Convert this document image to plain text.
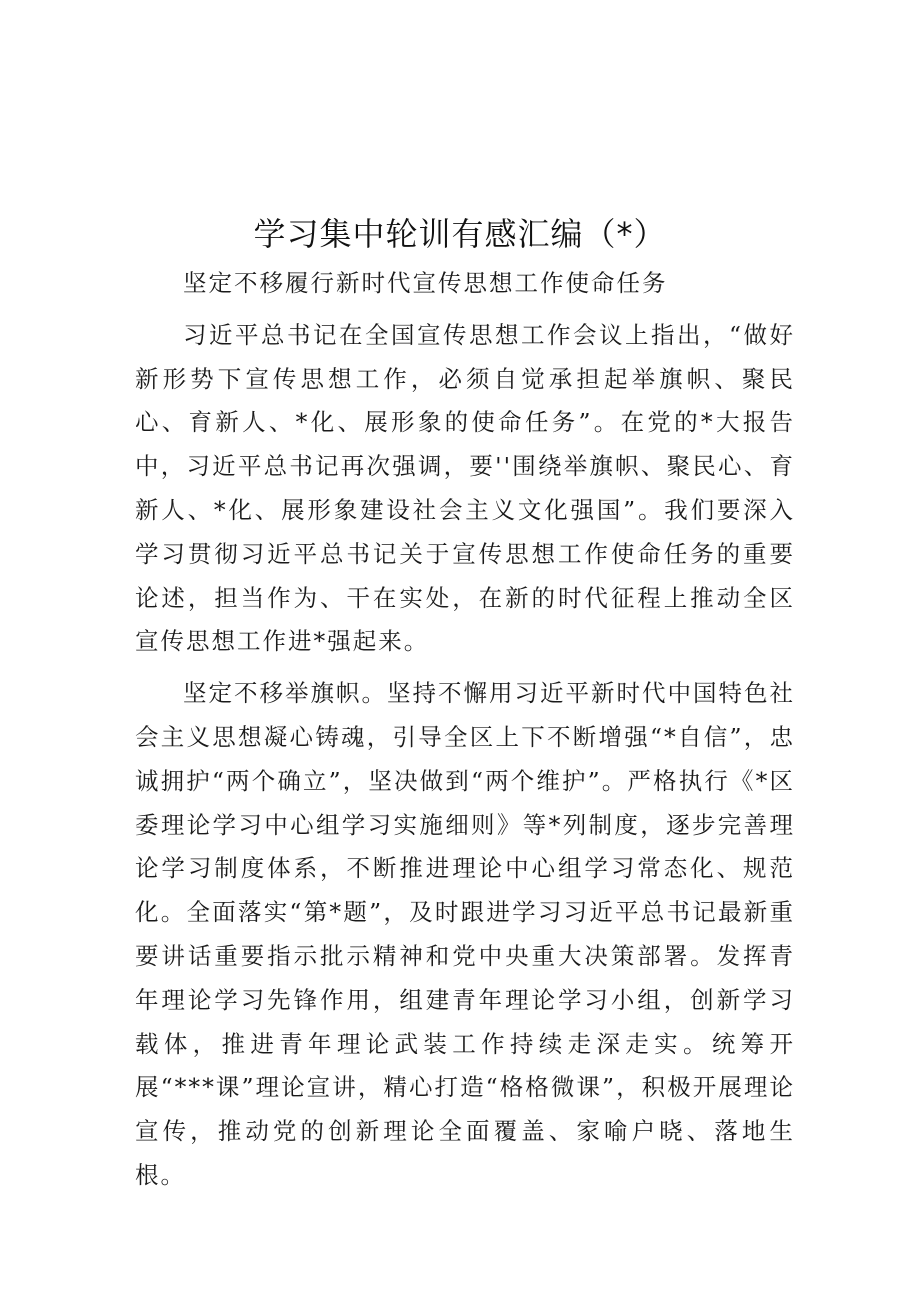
学习集中轮训有感汇编（*）

坚定不移履行新时代宣传思想工作使命任务

习近平总书记在全国宣传思想工作会议上指出，“做好新形势下宣传思想工作，必须自觉承担起举旗帜、聚民心、育新人、*化、展形象的使命任务”。在党的*大报告中，习近平总书记再次强调，要''围绕举旗帜、聚民心、育新人、*化、展形象建设社会主义文化强国”。我们要深入学习贯彻习近平总书记关于宣传思想工作使命任务的重要论述，担当作为、干在实处，在新的时代征程上推动全区宣传思想工作进*强起来。

坚定不移举旗帜。坚持不懈用习近平新时代中国特色社会主义思想凝心铸魂，引导全区上下不断增强“*自信”，忠诚拥护“两个确立”，坚决做到“两个维护”。严格执行《*区委理论学习中心组学习实施细则》等*列制度，逐步完善理论学习制度体系，不断推进理论中心组学习常态化、规范化。全面落实“第*题”，及时跟进学习习近平总书记最新重要讲话重要指示批示精神和党中央重大决策部署。发挥青年理论学习先锋作用，组建青年理论学习小组，创新学习载体，推进青年理论武装工作持续走深走实。统筹开展“***课”理论宣讲，精心打造“格格微课”，积极开展理论宣传，推动党的创新理论全面覆盖、家喻户晓、落地生根。
